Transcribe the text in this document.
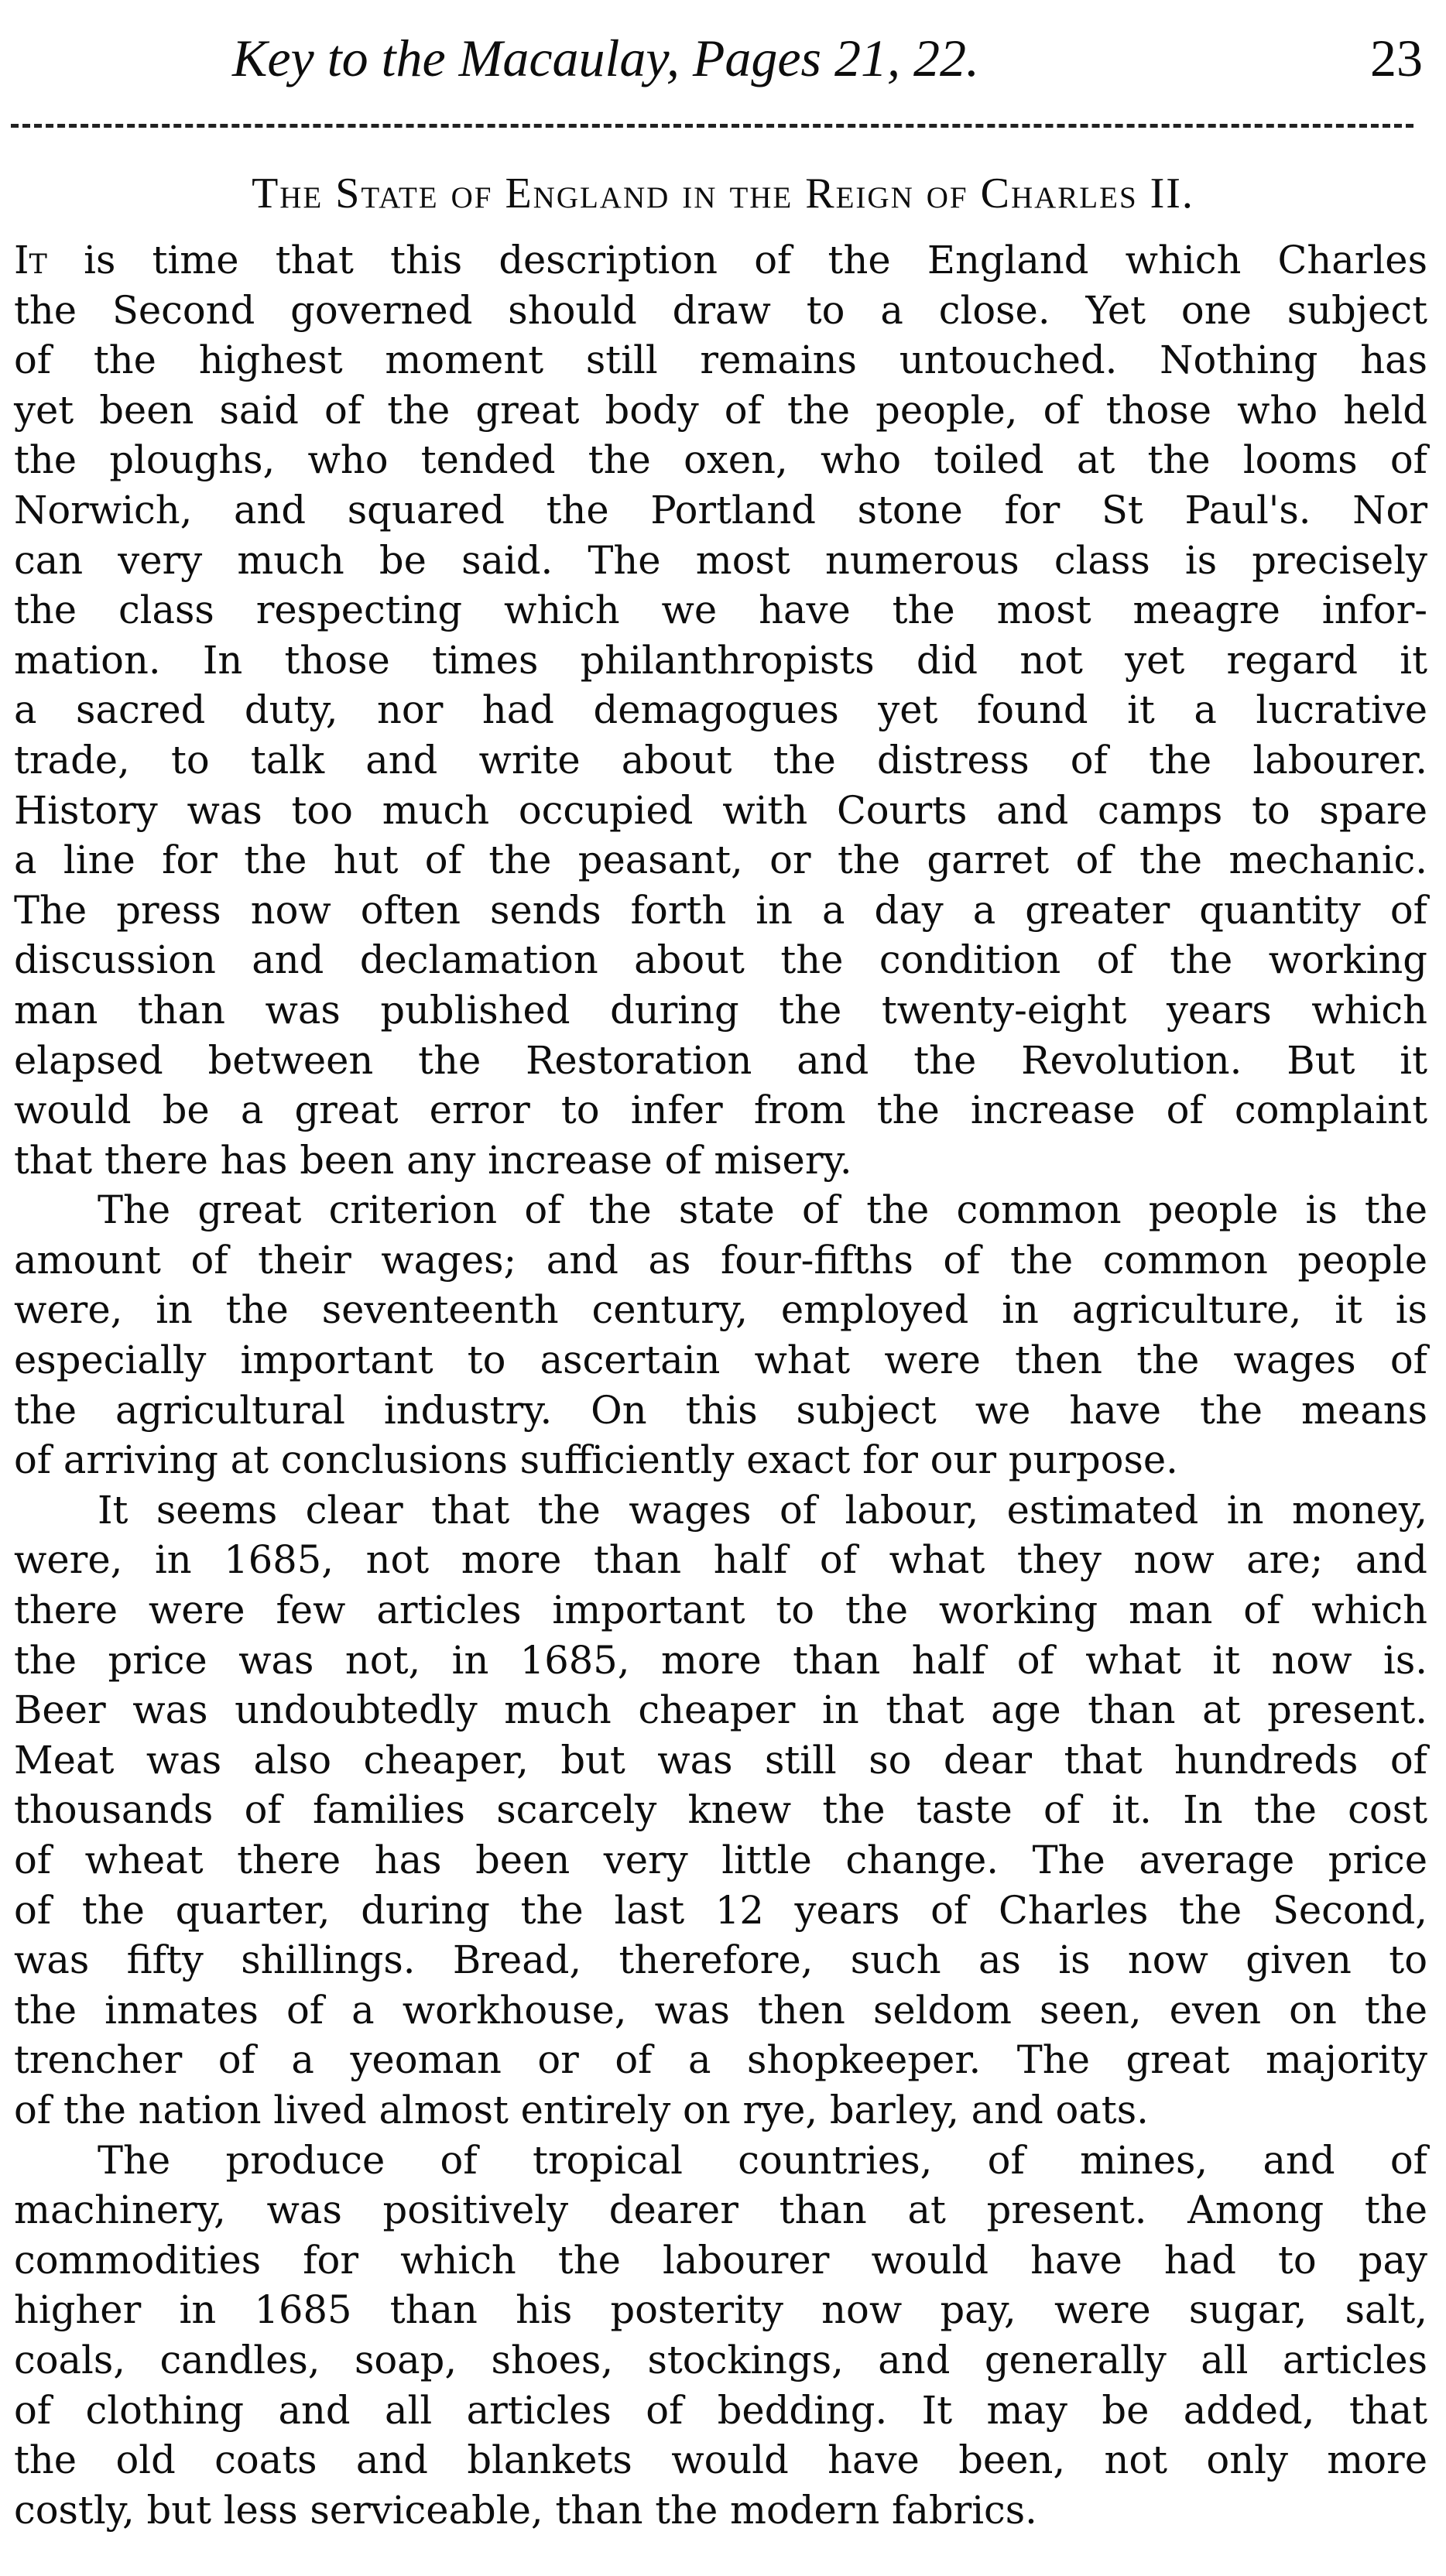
Key to the Macaulay, Pages 21, 22.	23
The State of England in the Reign of Charles II.
It is time that this description of the England which Charles
the Second governed should draw to a close. Yet one subject
of the highest moment still remains untouched. Nothing has
yet been said of the great body of the people, of those who held
the ploughs, who tended the oxen, who toiled at the looms of
Norwich, and squared the Portland stone for St Paul's. Nor
can very much be said. The most numerous class is precisely
the class respecting which we have the most meagre infor-
mation. In those times philanthropists did not yet regard it
a sacred duty, nor had demagogues yet found it a lucrative
trade, to talk and write about the distress of the labourer.
History was too much occupied with Courts and camps to spare
a line for the hut of the peasant, or the garret of the mechanic.
The press now often sends forth in a day a greater quantity of
discussion and declamation about the condition of the working
man than was published during the twenty-eight years which
elapsed between the Restoration and the Revolution. But it
would be a great error to infer from the increase of complaint
that there has been any increase of misery.
The great criterion of the state of the common people is the
amount of their wages; and as four-fifths of the common people
were, in the seventeenth century, employed in agriculture, it is
especially important to ascertain what were then the wages of
the agricultural industry. On this subject we have the means
of arriving at conclusions sufficiently exact for our purpose.
It seems clear that the wages of labour, estimated in money,
were, in 1685, not more than half of what they now are; and
there were few articles important to the working man of which
the price was not, in 1685, more than half of what it now is.
Beer was undoubtedly much cheaper in that age than at present.
Meat was also cheaper, but was still so dear that hundreds of
thousands of families scarcely knew the taste of it. In the cost
of wheat there has been very little change. The average price
of the quarter, during the last 12 years of Charles the Second,
was fifty shillings. Bread, therefore, such as is now given to
the inmates of a workhouse, was then seldom seen, even on the
trencher of a yeoman or of a shopkeeper. The great majority
of the nation lived almost entirely on rye, barley, and oats.
The produce of tropical countries, of mines, and of
machinery, was positively dearer than at present. Among the
commodities for which the labourer would have had to pay
higher in 1685 than his posterity now pay, were sugar, salt,
coals, candles, soap, shoes, stockings, and generally all articles
of clothing and all articles of bedding. It may be added, that
the old coats and blankets would have been, not only more
costly, but less serviceable, than the modern fabrics.
